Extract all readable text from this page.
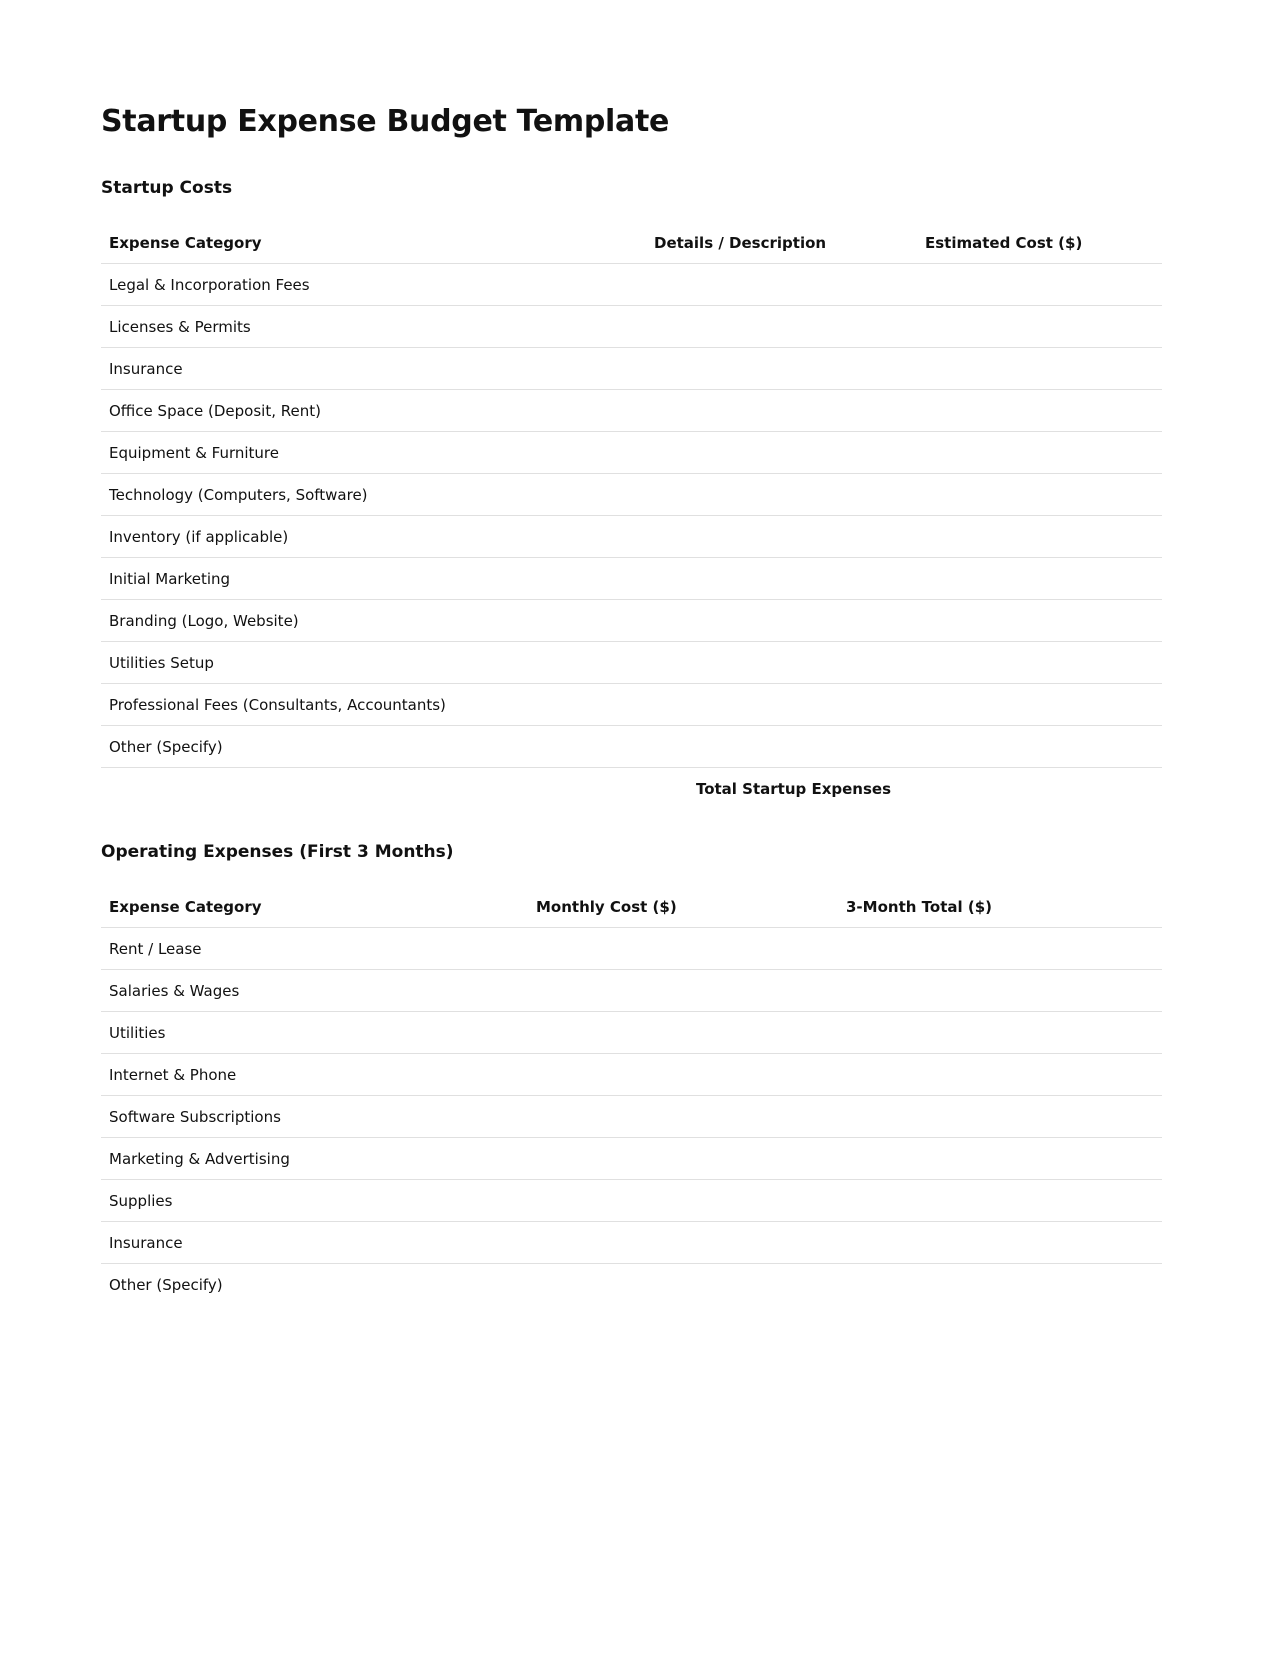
Startup Expense Budget Template
Startup Costs
Expense Category	Details / Description	Estimated Cost ($)
Legal & Incorporation Fees		
Licenses & Permits		
Insurance		
Office Space (Deposit, Rent)		
Equipment & Furniture		
Technology (Computers, Software)		
Inventory (if applicable)		
Initial Marketing		
Branding (Logo, Website)		
Utilities Setup		
Professional Fees (Consultants, Accountants)		
Other (Specify)		
	Total Startup Expenses	
Operating Expenses (First 3 Months)
Expense Category	Monthly Cost ($)	3-Month Total ($)
Rent / Lease		
Salaries & Wages		
Utilities		
Internet & Phone		
Software Subscriptions		
Marketing & Advertising		
Supplies		
Insurance		
Other (Specify)		
